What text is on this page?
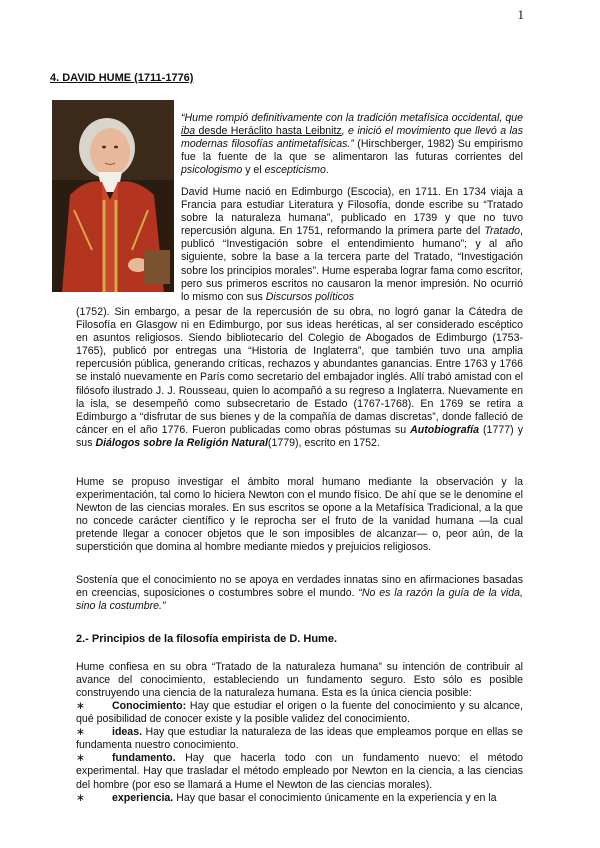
1
4. DAVID HUME (1711-1776)

“Hume rompió definitivamente con la tradición metafísica occidental, que iba desde Heráclito hasta Leibnitz, e inició el movimiento que llevó a las modernas filosofías antimetafísicas.” (Hirschberger, 1982) Su empirismo fue la fuente de la que se alimentaron las futuras corrientes del psicologismo y el escepticismo.

David Hume nació en Edimburgo (Escocia), en 1711. En 1734 viaja a Francia para estudiar Literatura y Filosofía, donde escribe su “Tratado sobre la naturaleza humana”, publicado en 1739 y que no tuvo repercusión alguna. En 1751, reformando la primera parte del Tratado, publicó “Investigación sobre el entendimiento humano”; y al año siguiente, sobre la base a la tercera parte del Tratado, “Investigación sobre los principios morales”. Hume esperaba lograr fama como escritor, pero sus primeros escritos no causaron la menor impresión. No ocurrió lo mismo con sus Discursos políticos

(1752). Sin embargo, a pesar de la repercusión de su obra, no logró ganar la Cátedra de Filosofía en Glasgow ni en Edimburgo, por sus ideas heréticas, al ser considerado escéptico en asuntos religiosos. Siendo bibliotecario del Colegio de Abogados de Edimburgo (1753-1765), publicó por entregas una “Historia de Inglaterra”, que también tuvo una amplia repercusión pública, generando críticas, rechazos y abundantes ganancias. Entre 1763 y 1766 se instaló nuevamente en París como secretario del embajador inglés. Allí trabó amistad con el filósofo ilustrado J. J. Rousseau, quien lo acompañó a su regreso a Inglaterra. Nuevamente en la isla, se desempeñó como subsecretario de Estado (1767-1768). En 1769 se retira a Edimburgo a “disfrutar de sus bienes y de la compañía de damas discretas”, donde falleció de cáncer en el año 1776. Fueron publicadas como obras póstumas su Autobiografía (1777) y sus Diálogos sobre la Religión Natural(1779), escrito en 1752.

Hume se propuso investigar el ámbito moral humano mediante la observación y la experimentación, tal como lo hiciera Newton con el mundo físico. De ahí que se le denomine el Newton de las ciencias morales. En sus escritos se opone a la Metafísica Tradicional, a la que no concede carácter científico y le reprocha ser el fruto de la vanidad humana —la cual pretende llegar a conocer objetos que le son imposibles de alcanzar— o, peor aún, de la superstición que domina al hombre mediante miedos y prejuicios religiosos.

Sostenía que el conocimiento no se apoya en verdades innatas sino en afirmaciones basadas en creencias, suposiciones o costumbres sobre el mundo. “No es la razón la guía de la vida, sino la costumbre.”

2.- Principios de la filosofía empirista de D. Hume.

Hume confiesa en su obra “Tratado de la naturaleza humana” su intención de contribuir al avance del conocimiento, estableciendo un fundamento seguro. Esto sólo es posible construyendo una ciencia de la naturaleza humana. Esta es la única ciencia posible:

∗	Conocimiento: Hay que estudiar el origen o la fuente del conocimiento y su alcance, qué posibilidad de conocer existe y la posible validez del conocimiento.

∗	ideas. Hay que estudiar la naturaleza de las ideas que empleamos porque en ellas se fundamenta nuestro conocimiento.

∗	fundamento. Hay que hacerla todo con un fundamento nuevo: el método experimental. Hay que trasladar el método empleado por Newton en la ciencia, a las ciencias del hombre (por eso se llamará a Hume el Newton de las ciencias morales).

∗	experiencia. Hay que basar el conocimiento únicamente en la experiencia y en la
